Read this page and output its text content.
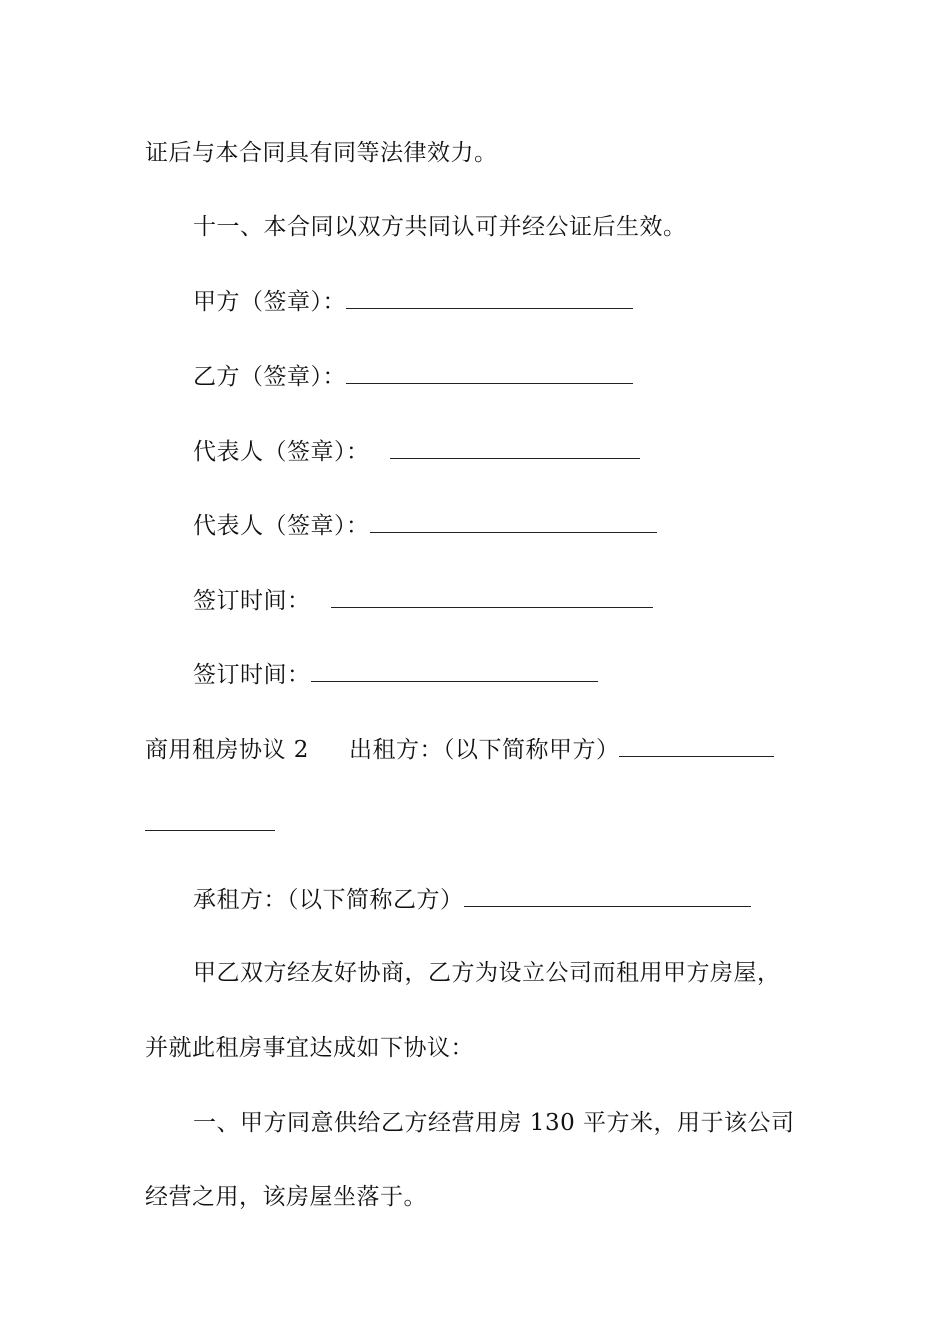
证后与本合同具有同等法律效力。
十一、本合同以双方共同认可并经公证后生效。
甲方（签章）：
乙方（签章）：
代表人（签章）：
代表人（签章）：
签订时间：
签订时间：
商用租房协议 2 出租方：（以下简称甲方）
承租方：（以下简称乙方）
甲乙双方经友好协商，乙方为设立公司而租用甲方房屋，
并就此租房事宜达成如下协议：
一、甲方同意供给乙方经营用房 130 平方米，用于该公司
经营之用，该房屋坐落于。
